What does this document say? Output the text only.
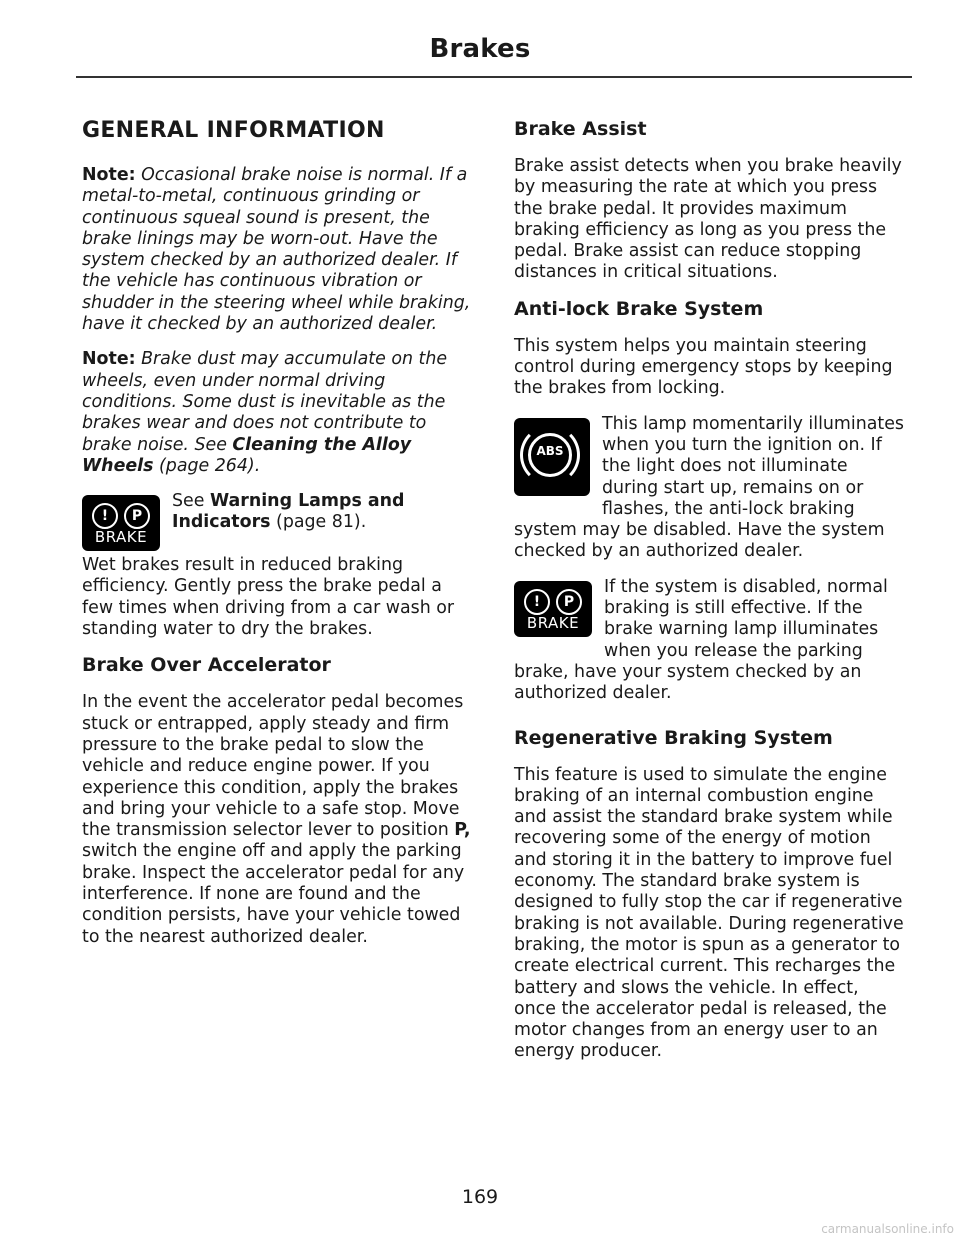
Brakes
GENERAL INFORMATION

Note: Occasional brake noise is normal. If a metal-to-metal, continuous grinding or continuous squeal sound is present, the brake linings may be worn-out. Have the system checked by an authorized dealer. If the vehicle has continuous vibration or shudder in the steering wheel while braking, have it checked by an authorized dealer.

Note: Brake dust may accumulate on the wheels, even under normal driving conditions. Some dust is inevitable as the brakes wear and does not contribute to brake noise. See Cleaning the Alloy Wheels (page 264).

! P
BRAKE

See Warning Lamps and Indicators (page 81).

Wet brakes result in reduced braking efficiency. Gently press the brake pedal a few times when driving from a car wash or standing water to dry the brakes.

Brake Over Accelerator

In the event the accelerator pedal becomes stuck or entrapped, apply steady and firm pressure to the brake pedal to slow the vehicle and reduce engine power. If you experience this condition, apply the brakes and bring your vehicle to a safe stop. Move the transmission selector lever to position P, switch the engine off and apply the parking brake. Inspect the accelerator pedal for any interference. If none are found and the condition persists, have your vehicle towed to the nearest authorized dealer.

Brake Assist

Brake assist detects when you brake heavily by measuring the rate at which you press the brake pedal. It provides maximum braking efficiency as long as you press the pedal. Brake assist can reduce stopping distances in critical situations.

Anti-lock Brake System

This system helps you maintain steering control during emergency stops by keeping the brakes from locking.

ABS

This lamp momentarily illuminates when you turn the ignition on. If the light does not illuminate during start up, remains on or flashes, the anti-lock braking system may be disabled. Have the system checked by an authorized dealer.

! P
BRAKE

If the system is disabled, normal braking is still effective. If the brake warning lamp illuminates when you release the parking brake, have your system checked by an authorized dealer.

Regenerative Braking System

This feature is used to simulate the engine braking of an internal combustion engine and assist the standard brake system while recovering some of the energy of motion and storing it in the battery to improve fuel economy. The standard brake system is designed to fully stop the car if regenerative braking is not available. During regenerative braking, the motor is spun as a generator to create electrical current. This recharges the battery and slows the vehicle. In effect, once the accelerator pedal is released, the motor changes from an energy user to an energy producer.

169
carmanualsonline.info
